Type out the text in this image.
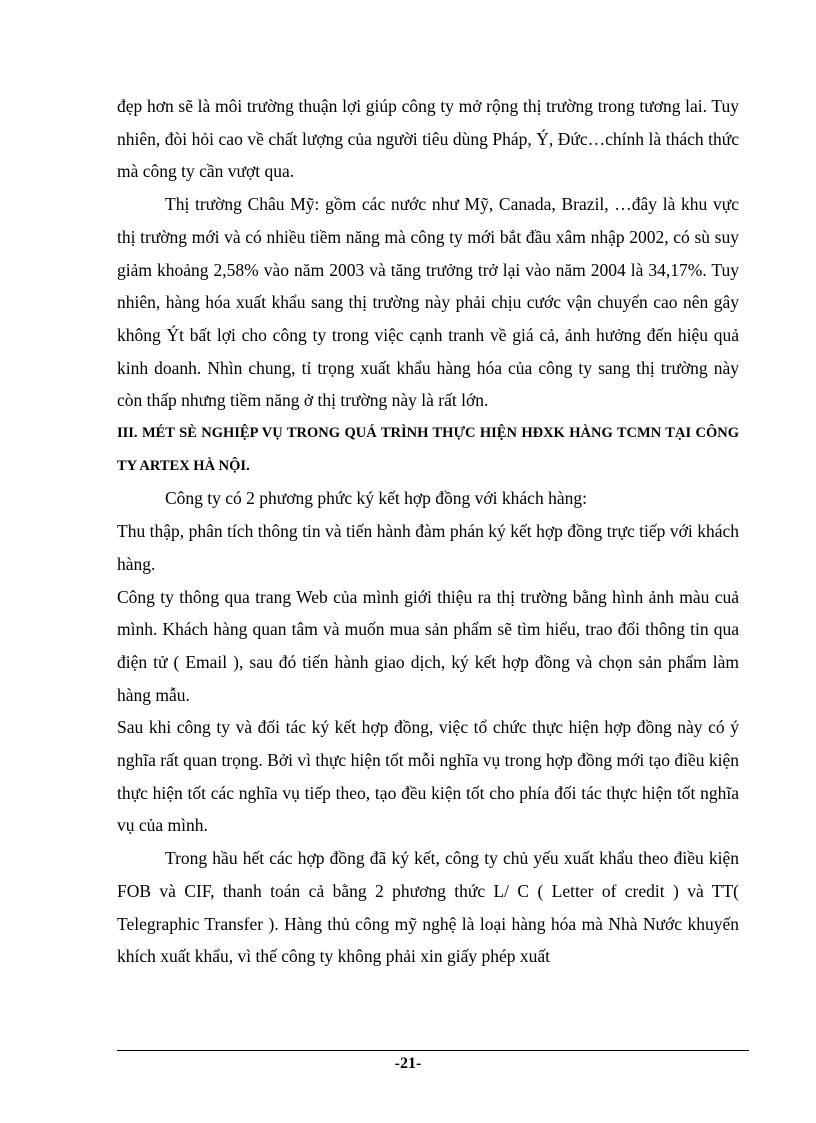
đẹp hơn sẽ là môi trường thuận lợi giúp công ty mở rộng thị trường trong tương lai. Tuy nhiên, đòi hỏi cao về chất lượng của người tiêu dùng Pháp, Ý, Đức…chính là thách thức mà công ty cần vượt qua.

Thị trường Châu Mỹ: gồm các nước như Mỹ, Canada, Brazil, …đây là khu vực thị trường mới và có nhiều tiềm năng mà công ty mới bắt đầu xâm nhập 2002, có sù suy giảm khoảng 2,58% vào năm 2003 và tăng trưởng trở lại vào năm 2004 là 34,17%. Tuy nhiên, hàng hóa xuất khẩu sang thị trường này phải chịu cước vận chuyển cao nên gây không Ýt bất lợi cho công ty trong việc cạnh tranh về giá cả, ảnh hưởng đến hiệu quả kinh doanh. Nhìn chung, tỉ trọng xuất khẩu hàng hóa của công ty sang thị trường này còn thấp nhưng tiềm năng ở thị trường này là rất lớn.

III. MÉT SÈ NGHIỆP VỤ TRONG QUÁ TRÌNH THỰC HIỆN HĐXK HÀNG TCMN TẠI CÔNG TY ARTEX HÀ NỘI.

Công ty có 2 phương phức ký kết hợp đồng với khách hàng:

Thu thập, phân tích thông tin và tiến hành đàm phán ký kết hợp đồng trực tiếp với khách hàng.

Công ty thông qua trang Web của mình giới thiệu ra thị trường bằng hình ảnh màu cuả mình. Khách hàng quan tâm và muốn mua sản phẩm sẽ tìm hiểu, trao đổi thông tin qua điện tử ( Email ), sau đó tiến hành giao dịch, ký kết hợp đồng và chọn sản phẩm làm hàng mẫu.

Sau khi công ty và đối tác ký kết hợp đồng, việc tổ chức thực hiện hợp đồng này có ý nghĩa rất quan trọng. Bởi vì thực hiện tốt mỗi nghĩa vụ trong hợp đồng mới tạo điều kiện thực hiện tốt các nghĩa vụ tiếp theo, tạo đều kiện tốt cho phía đối tác thực hiện tốt nghĩa vụ của mình.

Trong hầu hết các hợp đồng đã ký kết, công ty chủ yếu xuất khẩu theo điều kiện FOB và CIF, thanh toán cả bằng 2 phương thức L/ C ( Letter of credit ) và TT( Telegraphic Transfer ). Hàng thủ công mỹ nghệ là loại hàng hóa mà Nhà Nước khuyến khích xuất khẩu, vì thế công ty không phải xin giấy phép xuất

-21-
